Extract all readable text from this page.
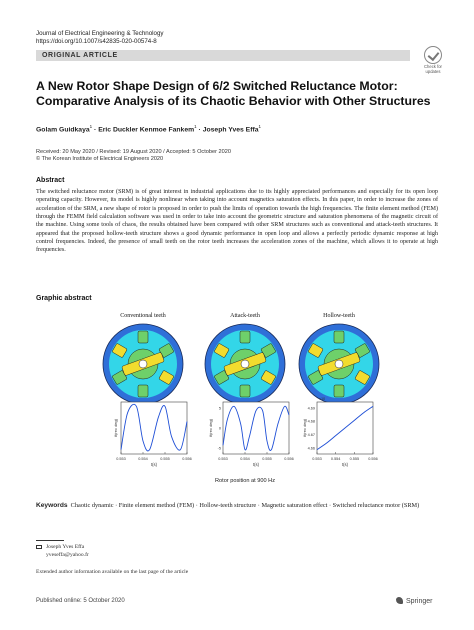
Journal of Electrical Engineering & Technology
https://doi.org/10.1007/s42835-020-00574-8
ORIGINAL ARTICLE
Check for updates
A New Rotor Shape Design of 6/2 Switched Reluctance Motor: Comparative Analysis of its Chaotic Behavior with Other Structures
Golam Guidkaya$^1$ · Eric Duckler Kenmoe Fankem$^1$ · Joseph Yves Effa$^1$
Received: 20 May 2020 / Revised: 19 August 2020 / Accepted: 5 October 2020
© The Korean Institute of Electrical Engineers 2020
Abstract
The switched reluctance motor (SRM) is of great interest in industrial applications due to its highly appreciated performances and especially for its open loop operating capacity. However, its model is highly nonlinear when taking into account magnetics saturation effects. In this paper, in order to increase the zones of acceleration of the SRM, a new shape of rotor is proposed in order to push the limits of operation towards the high frequencies. The finite element method (FEM) through the FEMM field calculation software was used in order to take into account the geometric structure and saturation phenomena of the magnetic circuit of the machine. Using some tools of chaos, the results obtained have been compared with other SRM structures such as conventional and attack-teeth structures. It appeared that the proposed hollow-teeth structure shows a good dynamic performance in open loop and allows a perfectly periodic dynamic response at high control frequencies. Indeed, the presence of small teeth on the rotor teeth increases the acceleration zones of the machine, which allows it to operate at high frequencies.
Graphic abstract
Conventional teeth	Attack-teeth	Hollow-teeth
0.553	0.554	0.555	0.556
θ(rec deg)
t(s)
0.553	0.554	0.555	0.556
5
0
-5
θ(rec deg)
t(s)
0.553 0.554 0.555 0.556
4.69
4.68
4.67
4.66
×10
θ(rec deg)
t(s)
Rotor position at 900 Hz
Keywords Chaotic dynamic · Finite element method (FEM) · Hollow-teeth structure · Magnetic saturation effect · Switched reluctance motor (SRM)
Joseph Yves Effa
yveseffa@yahoo.fr
Extended author information available on the last page of the article
Published online: 5 October 2020	Springer
